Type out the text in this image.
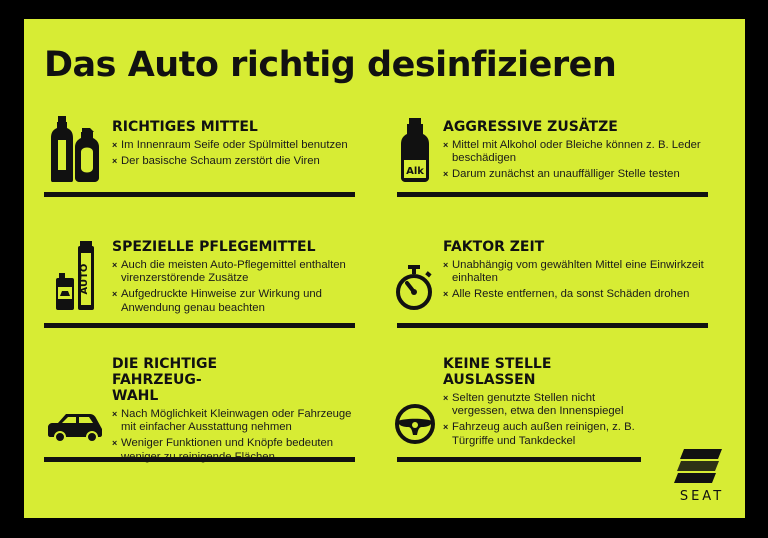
Das Auto richtig desinfizieren
RICHTIGES MITTEL
× Im Innenraum Seife oder Spülmittel benutzen
× Der basische Schaum zerstört die Viren
Alk
AGGRESSIVE ZUSÄTZE
× Mittel mit Alkohol oder Bleiche können z. B. Leder beschädigen
× Darum zunächst an unauffälliger Stelle testen
AUTO
SPEZIELLE PFLEGEMITTEL
× Auch die meisten Auto-Pflegemittel enthalten virenzerstörende Zusätze
× Aufgedruckte Hinweise zur Wirkung und Anwendung genau beachten
FAKTOR ZEIT
× Unabhängig vom gewählten Mittel eine Einwirkzeit einhalten
× Alle Reste entfernen, da sonst Schäden drohen
DIE RICHTIGE FAHRZEUG-WAHL
× Nach Möglichkeit Kleinwagen oder Fahrzeuge mit einfacher Ausstattung nehmen
× Weniger Funktionen und Knöpfe bedeuten
KEINE STELLE AUSLASSEN
× Selten genutzte Stellen nicht vergessen, etwa den Innenspiegel
× Fahrzeug auch außen reinigen, z. B. Türgriffe und Tankdeckel
SEAT
